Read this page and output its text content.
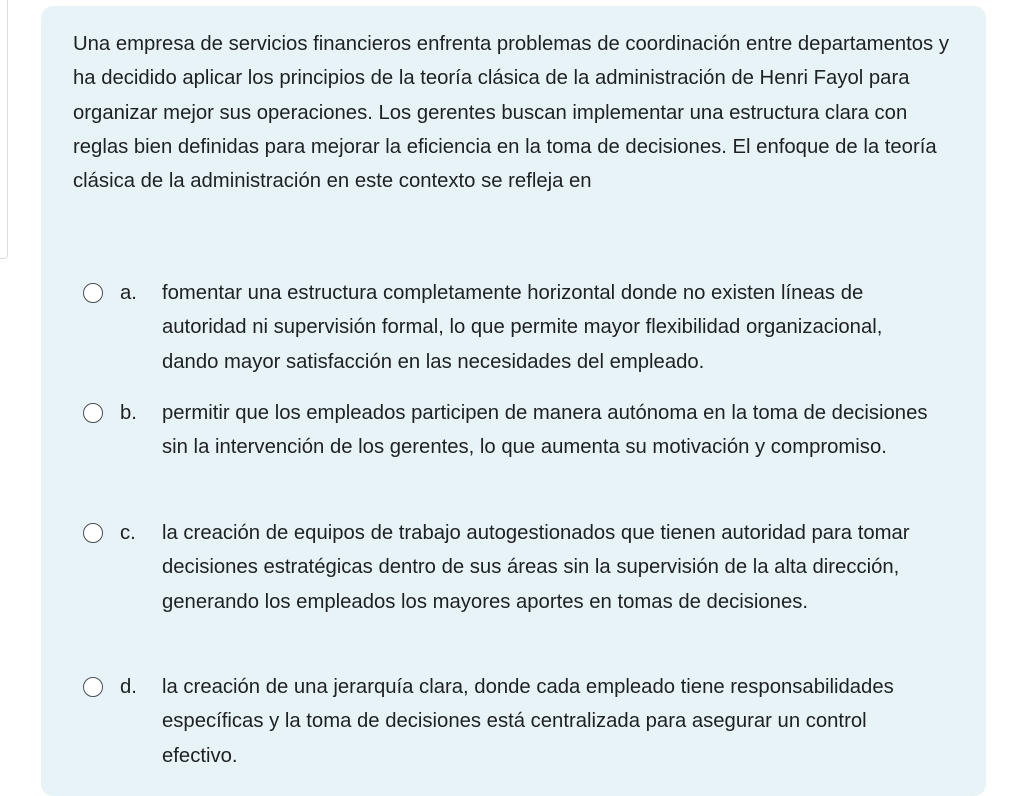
Una empresa de servicios financieros enfrenta problemas de coordinación entre departamentos y ha decidido aplicar los principios de la teoría clásica de la administración de Henri Fayol para organizar mejor sus operaciones. Los gerentes buscan implementar una estructura clara con reglas bien definidas para mejorar la eficiencia en la toma de decisiones. El enfoque de la teoría clásica de la administración en este contexto se refleja en

a.	fomentar una estructura completamente horizontal donde no existen líneas de autoridad ni supervisión formal, lo que permite mayor flexibilidad organizacional, dando mayor satisfacción en las necesidades del empleado.
b.	permitir que los empleados participen de manera autónoma en la toma de decisiones sin la intervención de los gerentes, lo que aumenta su motivación y compromiso.
c.	la creación de equipos de trabajo autogestionados que tienen autoridad para tomar decisiones estratégicas dentro de sus áreas sin la supervisión de la alta dirección, generando los empleados los mayores aportes en tomas de decisiones.
d.	la creación de una jerarquía clara, donde cada empleado tiene responsabilidades específicas y la toma de decisiones está centralizada para asegurar un control efectivo.
